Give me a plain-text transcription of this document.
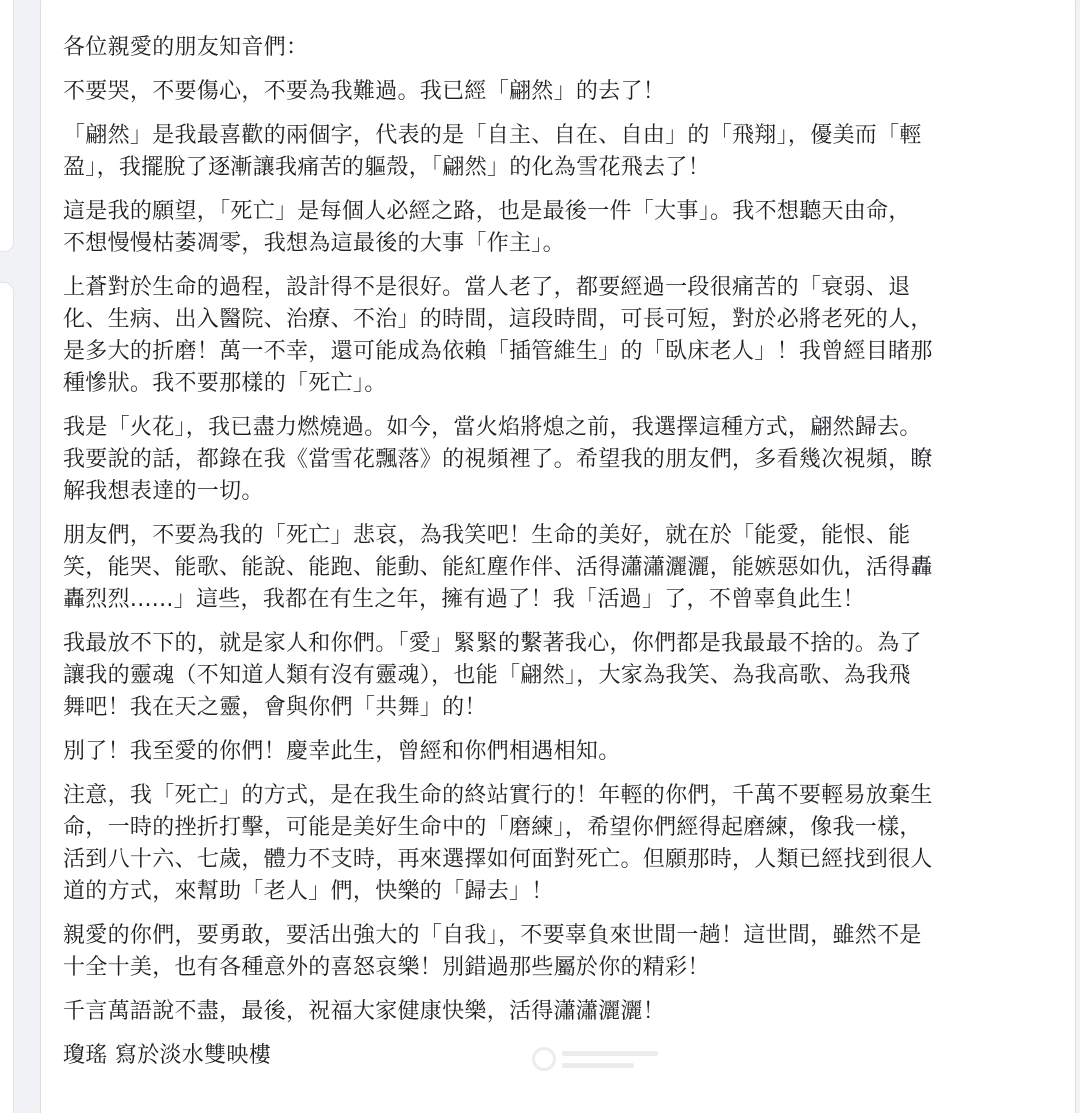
各位親愛的朋友知音們：

不要哭，不要傷心，不要為我難過。我已經「翩然」的去了！

「翩然」是我最喜歡的兩個字，代表的是「自主、自在、自由」的「飛翔」，優美而「輕
盈」，我擺脫了逐漸讓我痛苦的軀殼，「翩然」的化為雪花飛去了！

這是我的願望，「死亡」是每個人必經之路，也是最後一件「大事」。我不想聽天由命，
不想慢慢枯萎凋零，我想為這最後的大事「作主」。

上蒼對於生命的過程，設計得不是很好。當人老了，都要經過一段很痛苦的「衰弱、退
化、生病、出入醫院、治療、不治」的時間，這段時間，可長可短，對於必將老死的人，
是多大的折磨！萬一不幸，還可能成為依賴「插管維生」的「臥床老人」！我曾經目睹那
種慘狀。我不要那樣的「死亡」。

我是「火花」，我已盡力燃燒過。如今，當火焰將熄之前，我選擇這種方式，翩然歸去。
我要說的話，都錄在我《當雪花飄落》的視頻裡了。希望我的朋友們，多看幾次視頻，瞭
解我想表達的一切。

朋友們，不要為我的「死亡」悲哀，為我笑吧！生命的美好，就在於「能愛，能恨、能
笑，能哭、能歌、能說、能跑、能動、能紅塵作伴、活得瀟瀟灑灑，能嫉惡如仇，活得轟
轟烈烈......」這些，我都在有生之年，擁有過了！我「活過」了，不曾辜負此生！

我最放不下的，就是家人和你們。「愛」緊緊的繫著我心，你們都是我最最不捨的。為了
讓我的靈魂（不知道人類有沒有靈魂），也能「翩然」，大家為我笑、為我高歌、為我飛
舞吧！我在天之靈，會與你們「共舞」的！

別了！我至愛的你們！慶幸此生，曾經和你們相遇相知。

注意，我「死亡」的方式，是在我生命的終站實行的！年輕的你們，千萬不要輕易放棄生
命，一時的挫折打擊，可能是美好生命中的「磨練」，希望你們經得起磨練，像我一樣，
活到八十六、七歲，體力不支時，再來選擇如何面對死亡。但願那時，人類已經找到很人
道的方式，來幫助「老人」們，快樂的「歸去」！

親愛的你們，要勇敢，要活出強大的「自我」，不要辜負來世間一趟！這世間，雖然不是
十全十美，也有各種意外的喜怒哀樂！別錯過那些屬於你的精彩！

千言萬語說不盡，最後，祝福大家健康快樂，活得瀟瀟灑灑！

瓊瑤 寫於淡水雙映樓
